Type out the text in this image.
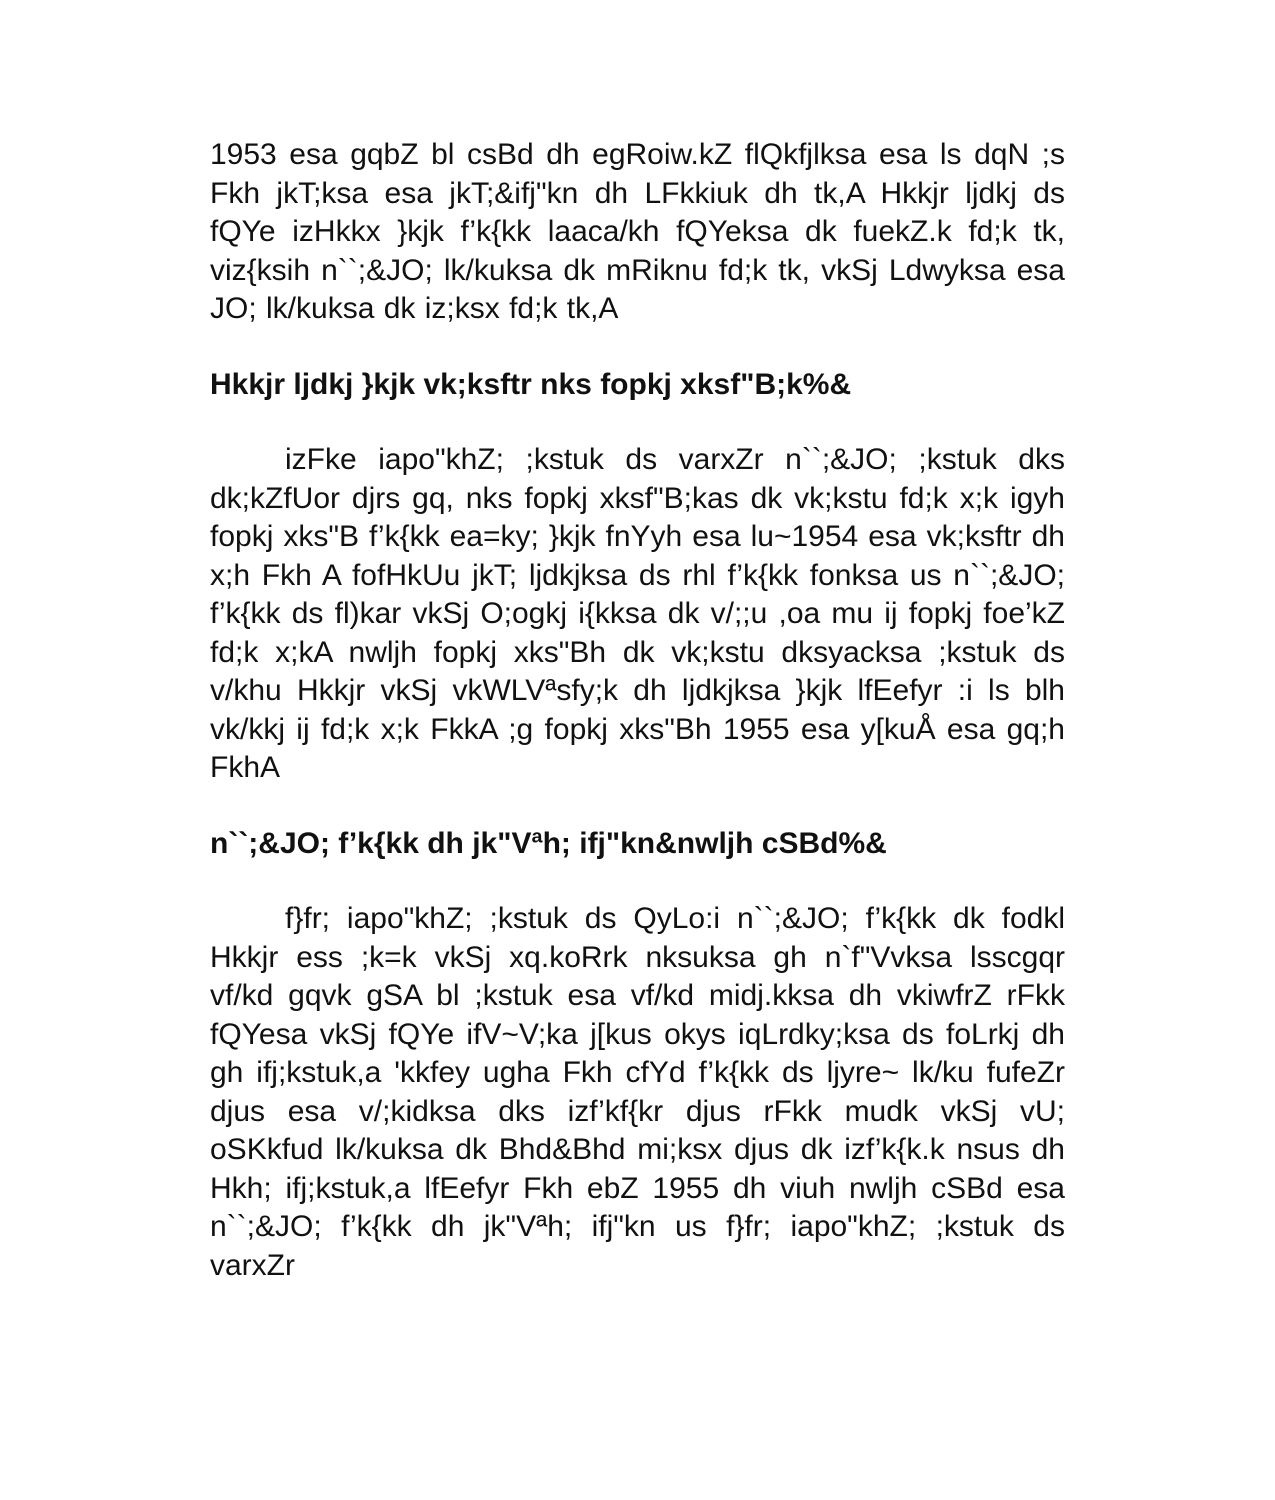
1953 esa gqbZ bl csBd dh egRoiw.kZ flQkfjlksa esa ls dqN ;s Fkh jkT;ksa esa jkT;&ifj"kn dh LFkkiuk dh tk,A Hkkjr ljdkj ds fQYe izHkkx }kjk f’k{kk laaca/kh fQYeksa dk fuekZ.k fd;k tk, viz{ksih n``;&JO; lk/kuksa dk mRiknu fd;k tk, vkSj Ldwyksa esa JO; lk/kuksa dk iz;ksx fd;k tk,A

Hkkjr ljdkj }kjk vk;ksftr nks fopkj xksf"B;k%&

izFke iapo"khZ; ;kstuk ds varxZr n``;&JO; ;kstuk dks dk;kZfUor djrs gq, nks fopkj xksf"B;kas dk vk;kstu fd;k x;k igyh fopkj xks"B f’k{kk ea=ky; }kjk fnYyh esa lu~1954 esa vk;ksftr dh x;h Fkh A fofHkUu jkT; ljdkjksa ds rhl f’k{kk fonksa us n``;&JO; f’k{kk ds fl)kar vkSj O;ogkj i{kksa dk v/;;u ,oa mu ij fopkj foe’kZ fd;k x;kA nwljh fopkj xks"Bh dk vk;kstu dksyacksa ;kstuk ds v/khu Hkkjr vkSj vkWLVªsfy;k dh ljdkjksa }kjk lfEefyr :i ls blh vk/kkj ij fd;k x;k FkkA ;g fopkj xks"Bh 1955 esa y[kuÅ esa gq;h FkhA

n``;&JO; f’k{kk dh jk"Vªh; ifj"kn&nwljh cSBd%&

f}fr; iapo"khZ; ;kstuk ds QyLo:i n``;&JO; f’k{kk dk fodkl Hkkjr ess ;k=k vkSj xq.koRrk nksuksa gh n`f"Vvksa lsscgqr vf/kd gqvk gSA bl ;kstuk esa vf/kd midj.kksa dh vkiwfrZ rFkk fQYesa vkSj fQYe ifV~V;ka j[kus okys iqLrdky;ksa ds foLrkj dh gh ifj;kstuk,a 'kkfey ugha Fkh cfYd f’k{kk ds ljyre~ lk/ku fufeZr djus esa v/;kidksa dks izf’kf{kr djus rFkk mudk vkSj vU; oSKkfud lk/kuksa dk Bhd&Bhd mi;ksx djus dk izf’k{k.k nsus dh Hkh; ifj;kstuk,a lfEefyr Fkh ebZ 1955 dh viuh nwljh cSBd esa n``;&JO; f’k{kk dh jk"Vªh; ifj"kn us f}fr; iapo"khZ; ;kstuk ds varxZr
